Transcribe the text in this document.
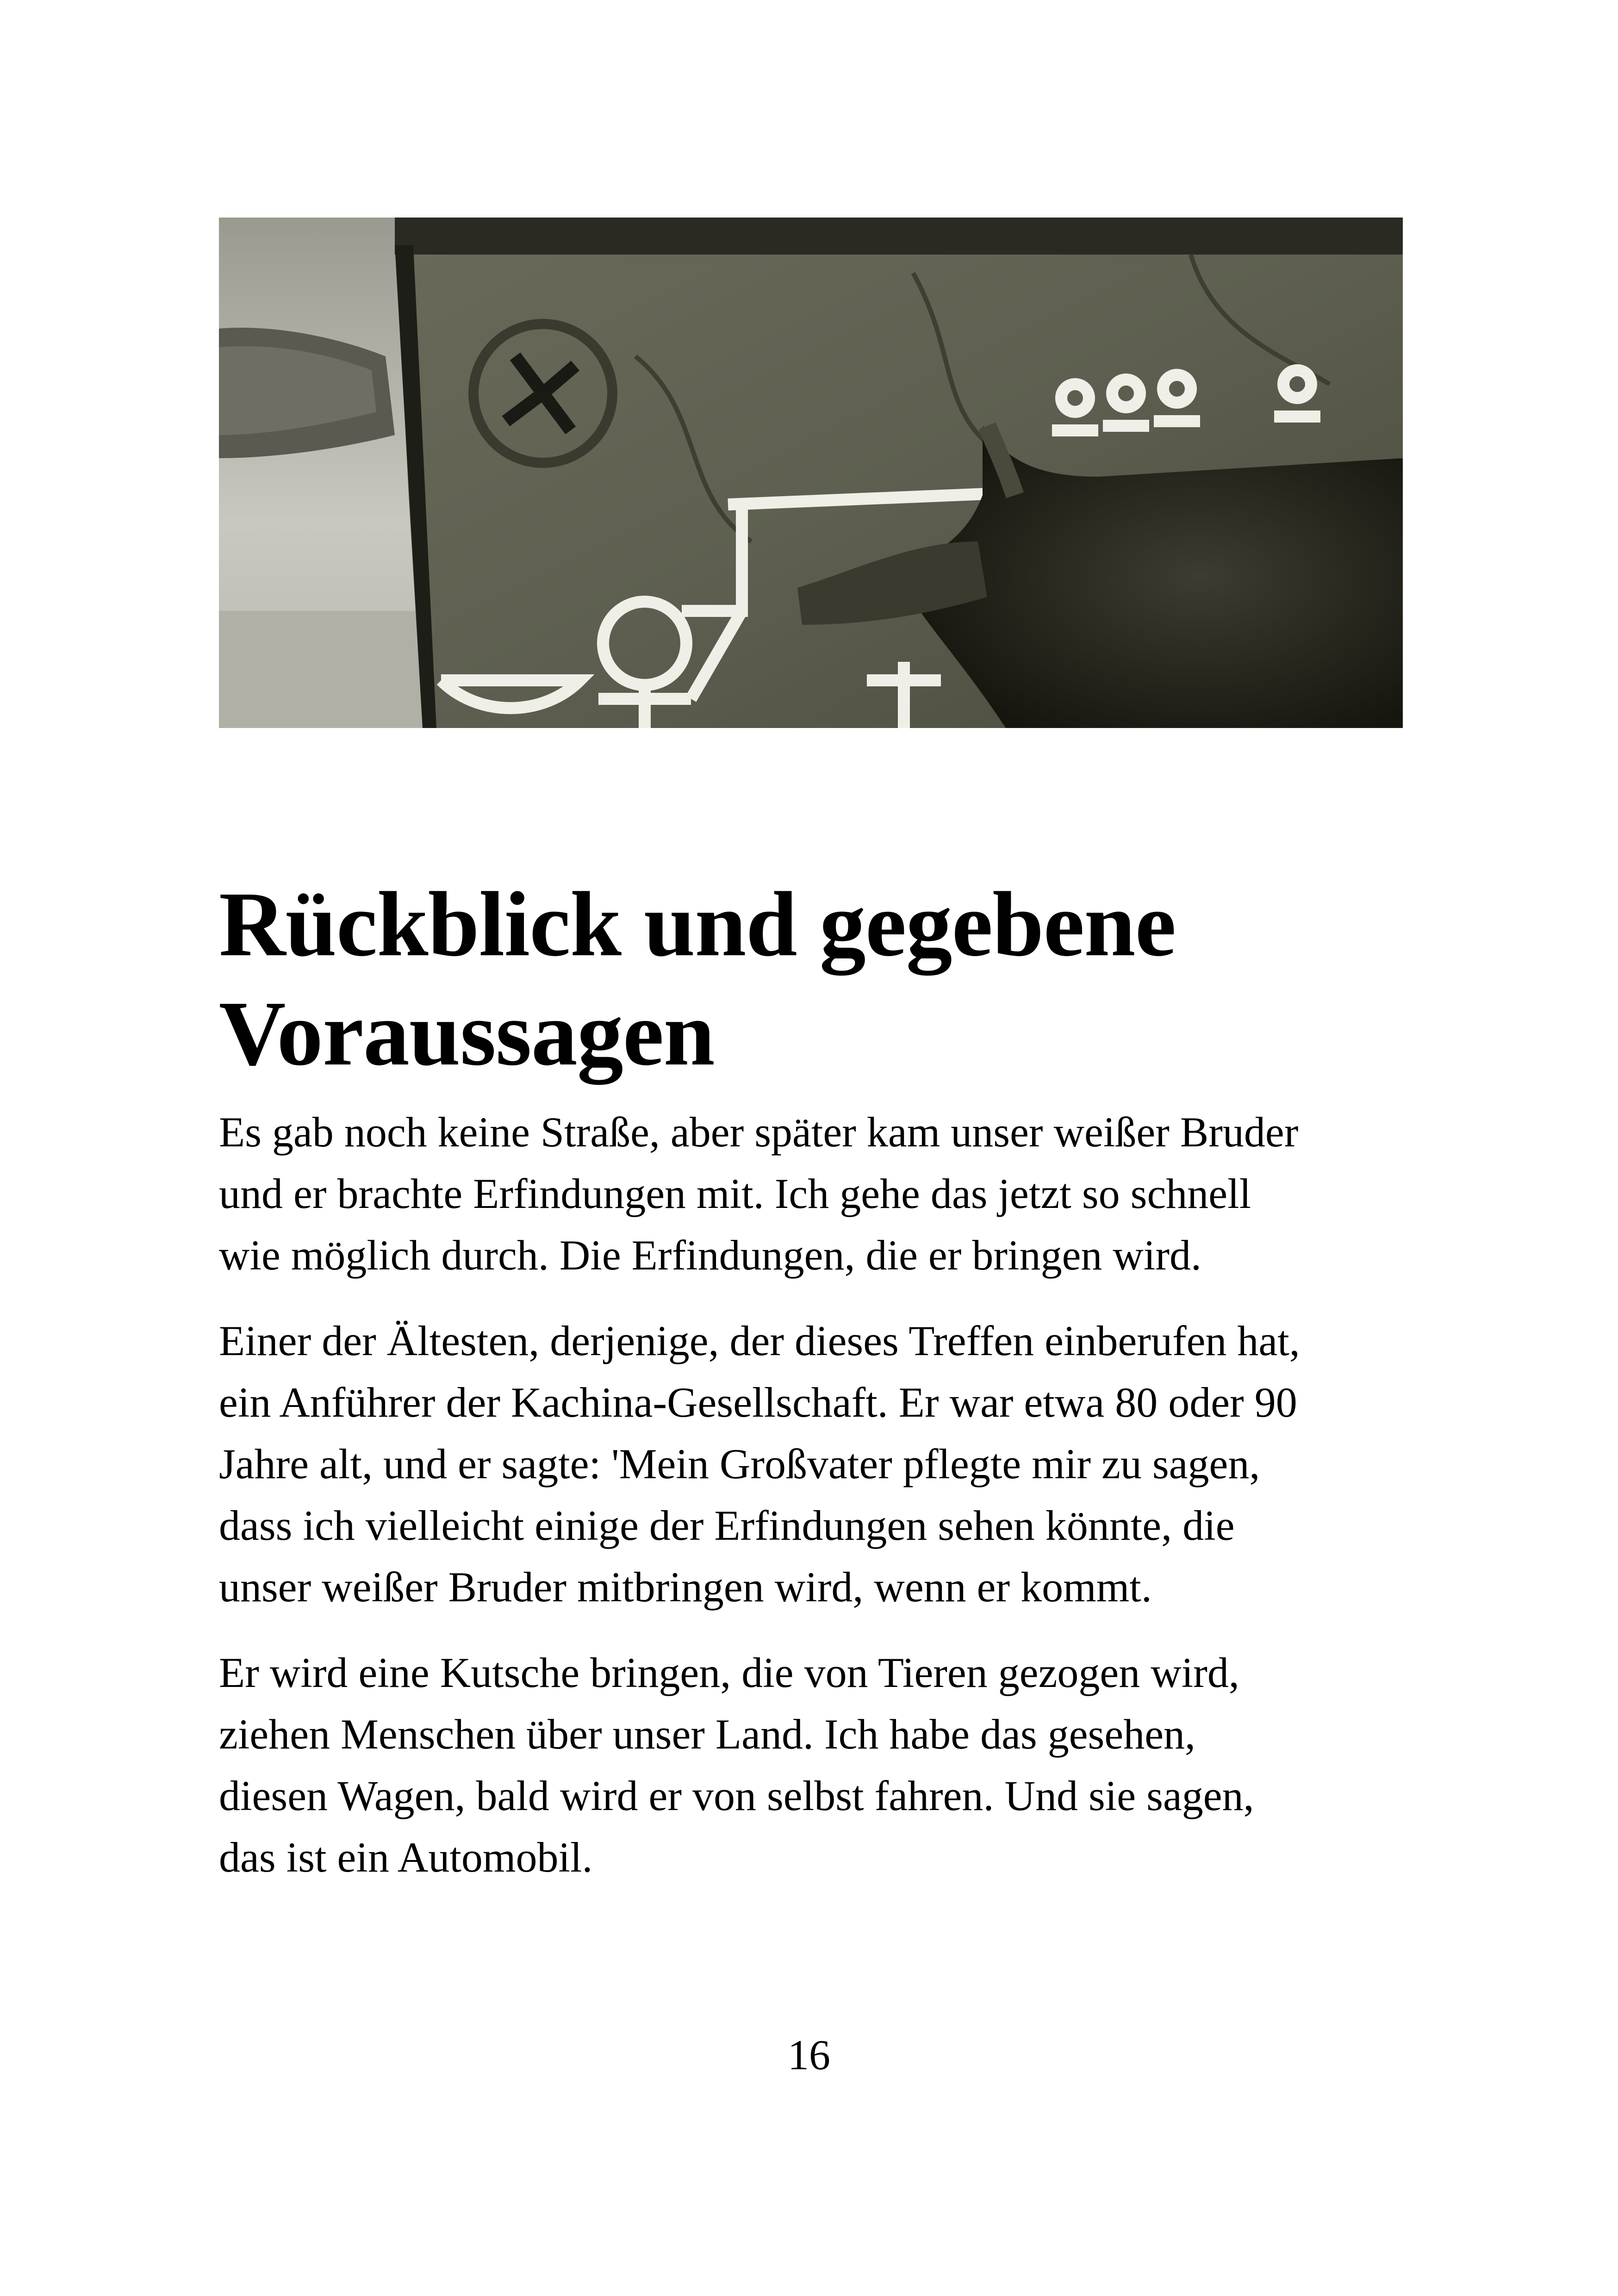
Rückblick und gegebene Voraussagen

Es gab noch keine Straße, aber später kam unser weißer Bruder
und er brachte Erfindungen mit. Ich gehe das jetzt so schnell
wie möglich durch. Die Erfindungen, die er bringen wird.

Einer der Ältesten, derjenige, der dieses Treffen einberufen hat,
ein Anführer der Kachina-Gesellschaft. Er war etwa 80 oder 90
Jahre alt, und er sagte: 'Mein Großvater pflegte mir zu sagen,
dass ich vielleicht einige der Erfindungen sehen könnte, die
unser weißer Bruder mitbringen wird, wenn er kommt.

Er wird eine Kutsche bringen, die von Tieren gezogen wird,
ziehen Menschen über unser Land. Ich habe das gesehen,
diesen Wagen, bald wird er von selbst fahren. Und sie sagen,
das ist ein Automobil.

16
